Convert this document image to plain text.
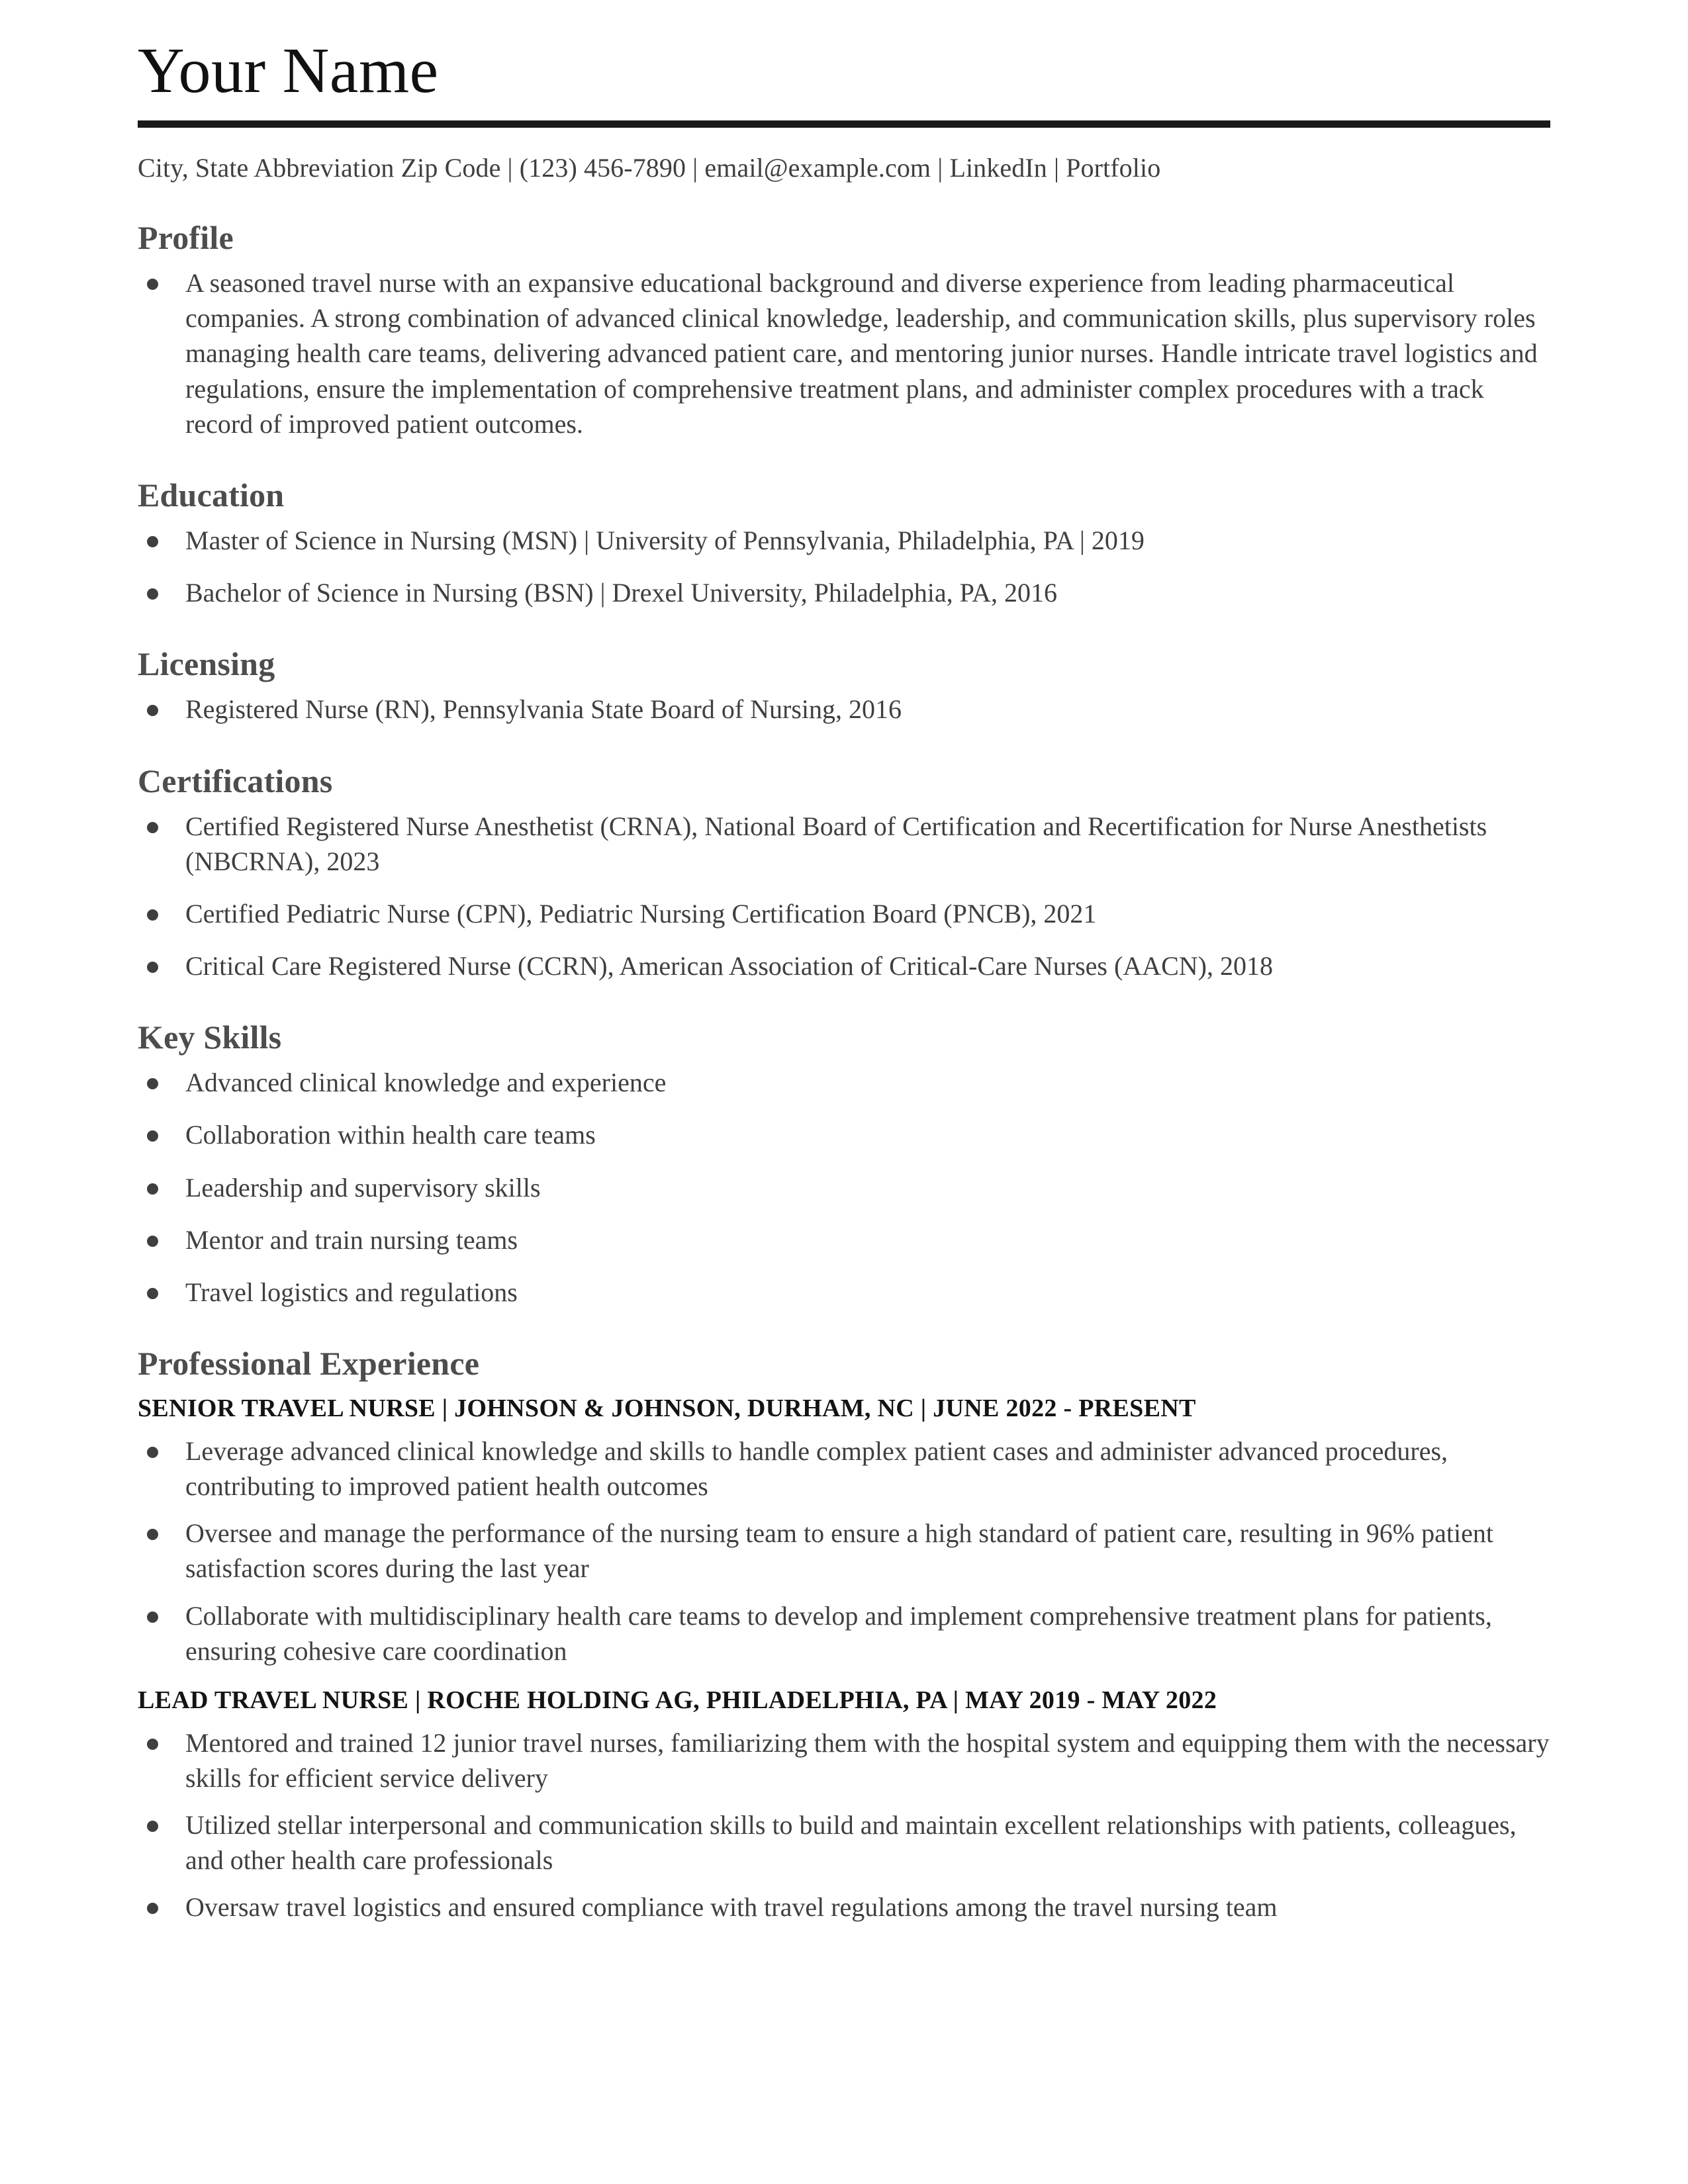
Your Name
City, State Abbreviation Zip Code | (123) 456-7890 | email@example.com | LinkedIn | Portfolio
Profile
A seasoned travel nurse with an expansive educational background and diverse experience from leading pharmaceutical companies. A strong combination of advanced clinical knowledge, leadership, and communication skills, plus supervisory roles managing health care teams, delivering advanced patient care, and mentoring junior nurses. Handle intricate travel logistics and regulations, ensure the implementation of comprehensive treatment plans, and administer complex procedures with a track record of improved patient outcomes.
Education
Master of Science in Nursing (MSN) | University of Pennsylvania, Philadelphia, PA | 2019
Bachelor of Science in Nursing (BSN) | Drexel University, Philadelphia, PA, 2016
Licensing
Registered Nurse (RN), Pennsylvania State Board of Nursing, 2016
Certifications
Certified Registered Nurse Anesthetist (CRNA), National Board of Certification and Recertification for Nurse Anesthetists (NBCRNA), 2023
Certified Pediatric Nurse (CPN), Pediatric Nursing Certification Board (PNCB), 2021
Critical Care Registered Nurse (CCRN), American Association of Critical-Care Nurses (AACN), 2018
Key Skills
Advanced clinical knowledge and experience
Collaboration within health care teams
Leadership and supervisory skills
Mentor and train nursing teams
Travel logistics and regulations
Professional Experience
SENIOR TRAVEL NURSE | JOHNSON & JOHNSON, DURHAM, NC | JUNE 2022 - PRESENT
Leverage advanced clinical knowledge and skills to handle complex patient cases and administer advanced procedures, contributing to improved patient health outcomes
Oversee and manage the performance of the nursing team to ensure a high standard of patient care, resulting in 96% patient satisfaction scores during the last year
Collaborate with multidisciplinary health care teams to develop and implement comprehensive treatment plans for patients, ensuring cohesive care coordination
LEAD TRAVEL NURSE | ROCHE HOLDING AG, PHILADELPHIA, PA | MAY 2019 - MAY 2022
Mentored and trained 12 junior travel nurses, familiarizing them with the hospital system and equipping them with the necessary skills for efficient service delivery
Utilized stellar interpersonal and communication skills to build and maintain excellent relationships with patients, colleagues, and other health care professionals
Oversaw travel logistics and ensured compliance with travel regulations among the travel nursing team
